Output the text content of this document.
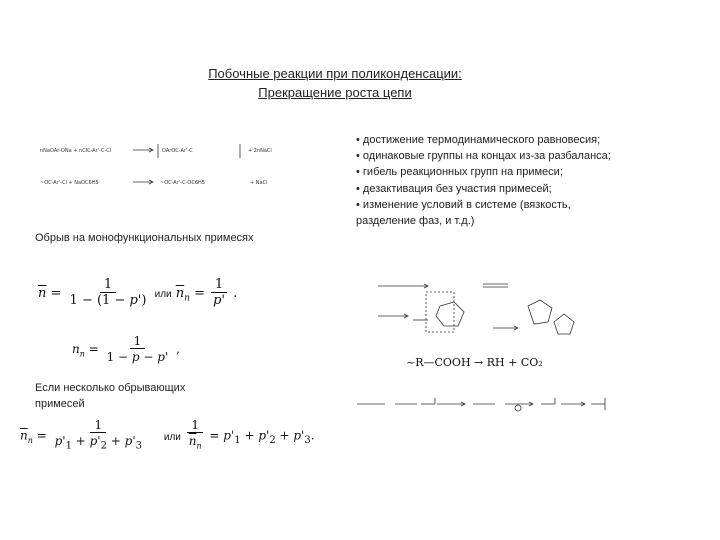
Побочные реакции при поликонденсации:
Прекращение роста цепи
nNaOAr-ONa + nClC-Ar'-C-Cl	OArOC-Ar'-C	+ 2nNaCl
~OC-Ar'-Cl + NaOC6H5	~OC-Ar'-C-OC6H5	+ NaCl
Обрыв на монофункциональных примесях
Если несколько обрывающих примесей
$\overline{n} = \frac{1}{1 - (1 - p')}$ или $\overline{n}_n = \frac{1}{p'}$ .
$n_n = \frac{1}{1 - p - p'}$ ,
$\overline{n}_n = \frac{1}{p'_1 + p'_2 + p'_3}$ или $\frac{1}{\overline{n}_n} = p'_1 + p'_2 + p'_3$.
• достижение термодинамического равновесия;
• одинаковые группы на концах из-за разбаланса;
• гибель реакционных групп на примеси;
• дезактивация без участия примесей;
• изменение условий в системе (вязкость, разделение фаз, и т.д.)
~R—COOH → RH + CO₂
